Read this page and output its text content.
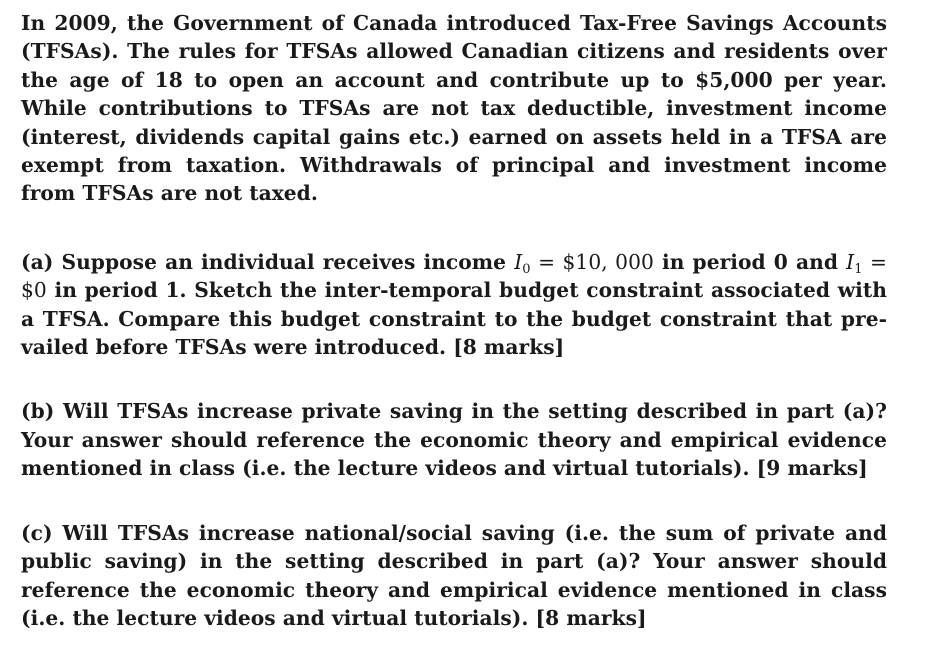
In 2009, the Government of Canada introduced Tax-Free Savings Accounts (TFSAs). The rules for TFSAs allowed Canadian citizens and residents over the age of 18 to open an account and contribute up to $5,000 per year. While contributions to TFSAs are not tax deductible, investment income (interest, dividends capital gains etc.) earned on assets held in a TFSA are exempt from taxation. Withdrawals of principal and investment income from TFSAs are not taxed.

(a) Suppose an individual receives income $I_0$ = $10, 000 in period 0 and $I_1$ = $0 in period 1. Sketch the inter-temporal budget constraint associated with a TFSA. Compare this budget constraint to the budget constraint that prevailed before TFSAs were introduced. [8 marks]

(b) Will TFSAs increase private saving in the setting described in part (a)? Your answer should reference the economic theory and empirical evidence mentioned in class (i.e. the lecture videos and virtual tutorials). [9 marks]

(c) Will TFSAs increase national/social saving (i.e. the sum of private and public saving) in the setting described in part (a)? Your answer should reference the economic theory and empirical evidence mentioned in class (i.e. the lecture videos and virtual tutorials). [8 marks]
